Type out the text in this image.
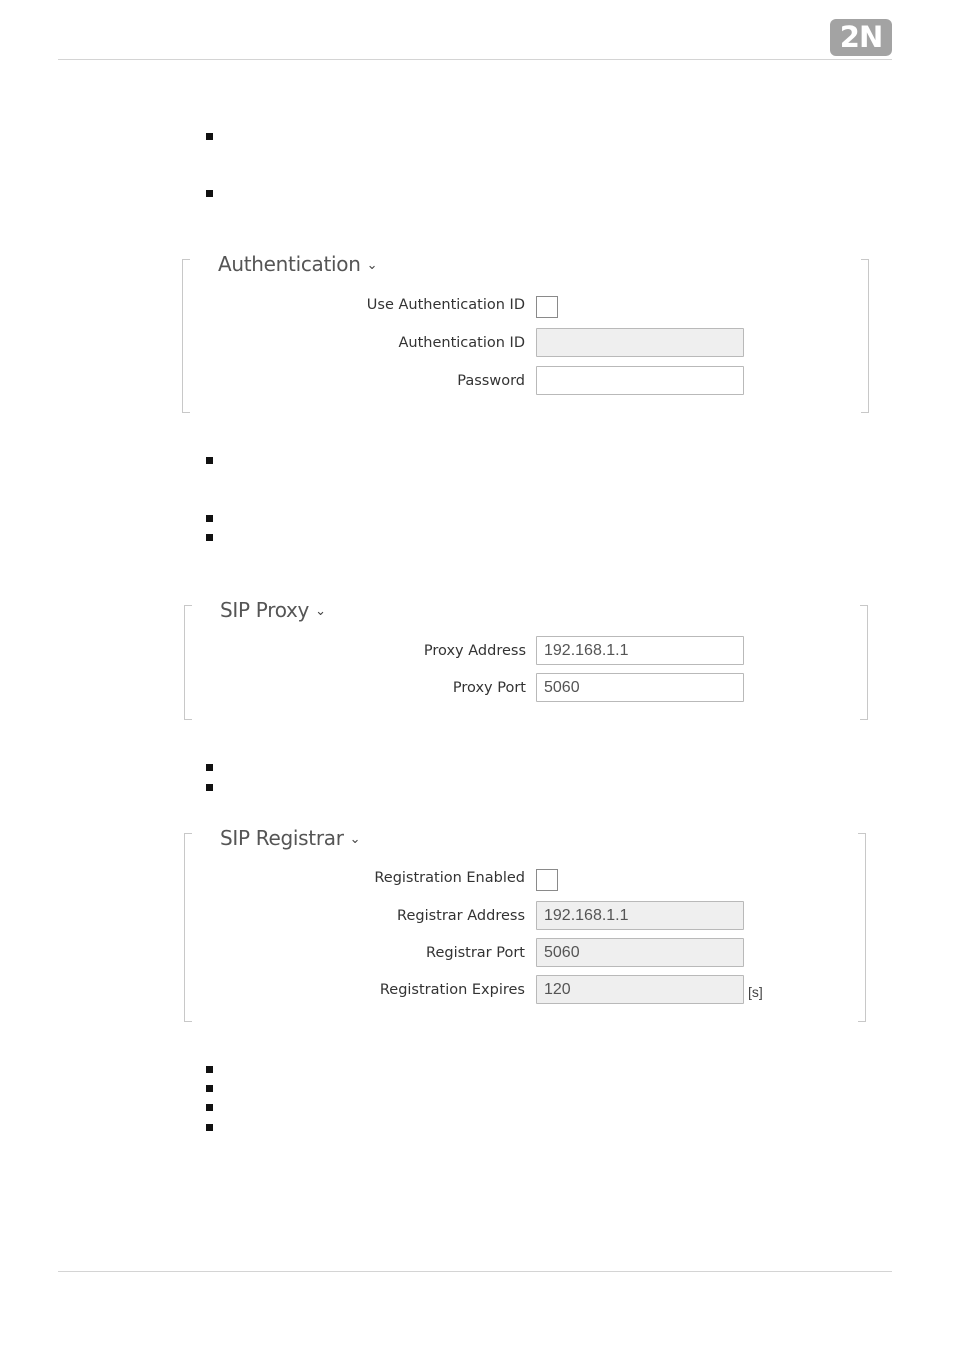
2N
Authentication ⌄
Use Authentication ID
Authentication ID
Password
SIP Proxy ⌄
Proxy Address	192.168.1.1
Proxy Port	5060
SIP Registrar ⌄
Registration Enabled
Registrar Address	192.168.1.1
Registrar Port	5060
Registration Expires	120	[s]
